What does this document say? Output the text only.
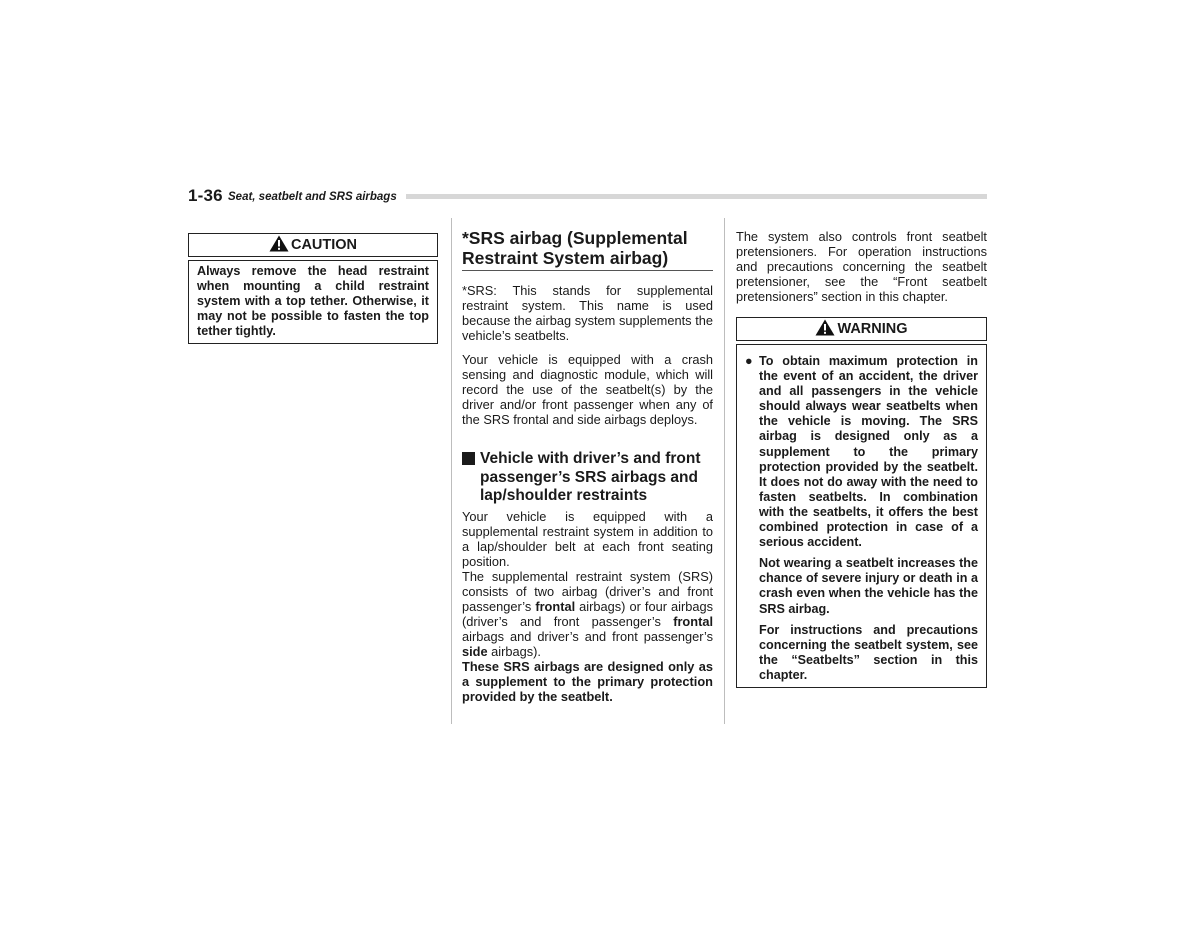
1-36 Seat, seatbelt and SRS airbags
CAUTION
Always remove the head restraint when mounting a child restraint system with a top tether. Otherwise, it may not be possible to fasten the top tether tightly.
*SRS airbag (Supplemental Restraint System airbag)

*SRS: This stands for supplemental restraint system. This name is used because the airbag system supplements the vehicle’s seatbelts.

Your vehicle is equipped with a crash sensing and diagnostic module, which will record the use of the seatbelt(s) by the driver and/or front passenger when any of the SRS frontal and side airbags deploys.

Vehicle with driver’s and front passenger’s SRS airbags and lap/shoulder restraints

Your vehicle is equipped with a supplemental restraint system in addition to a lap/shoulder belt at each front seating position.

The supplemental restraint system (SRS) consists of two airbag (driver’s and front passenger’s frontal airbags) or four airbags (driver’s and front passenger’s frontal airbags and driver’s and front passenger’s side airbags).

These SRS airbags are designed only as a supplement to the primary protection provided by the seatbelt.

The system also controls front seatbelt pretensioners. For operation instructions and precautions concerning the seatbelt pretensioner, see the “Front seatbelt pretensioners” section in this chapter.

WARNING
● To obtain maximum protection in the event of an accident, the driver and all passengers in the vehicle should always wear seatbelts when the vehicle is moving. The SRS airbag is designed only as a supplement to the primary protection provided by the seatbelt. It does not do away with the need to fasten seatbelts. In combination with the seatbelts, it offers the best combined protection in case of a serious accident.
Not wearing a seatbelt increases the chance of severe injury or death in a crash even when the vehicle has the SRS airbag.
For instructions and precautions concerning the seatbelt system, see the “Seatbelts” section in this chapter.
